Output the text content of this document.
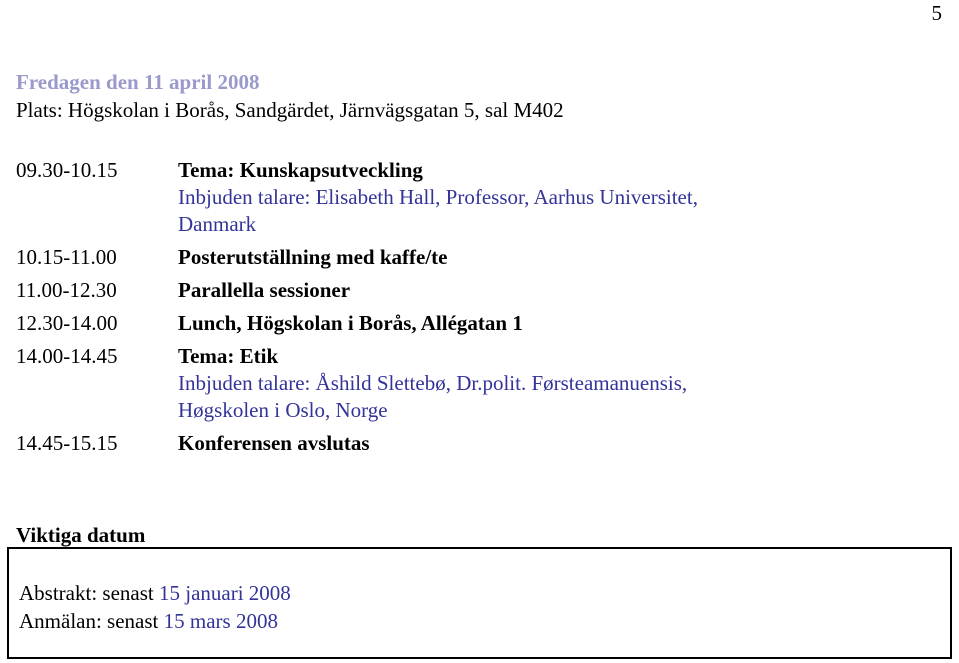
5
Fredagen den 11 april 2008
Plats: Högskolan i Borås, Sandgärdet, Järnvägsgatan 5, sal M402
09.30-10.15	Tema: Kunskapsutveckling
Inbjuden talare: Elisabeth Hall, Professor, Aarhus Universitet,
Danmark
10.15-11.00	Posterutställning med kaffe/te
11.00-12.30	Parallella sessioner
12.30-14.00	Lunch, Högskolan i Borås, Allégatan 1
14.00-14.45	Tema: Etik
Inbjuden talare: Åshild Slettebø, Dr.polit. Førsteamanuensis,
Høgskolen i Oslo, Norge
14.45-15.15	Konferensen avslutas
Viktiga datum
Abstrakt: senast 15 januari 2008
Anmälan: senast 15 mars 2008
